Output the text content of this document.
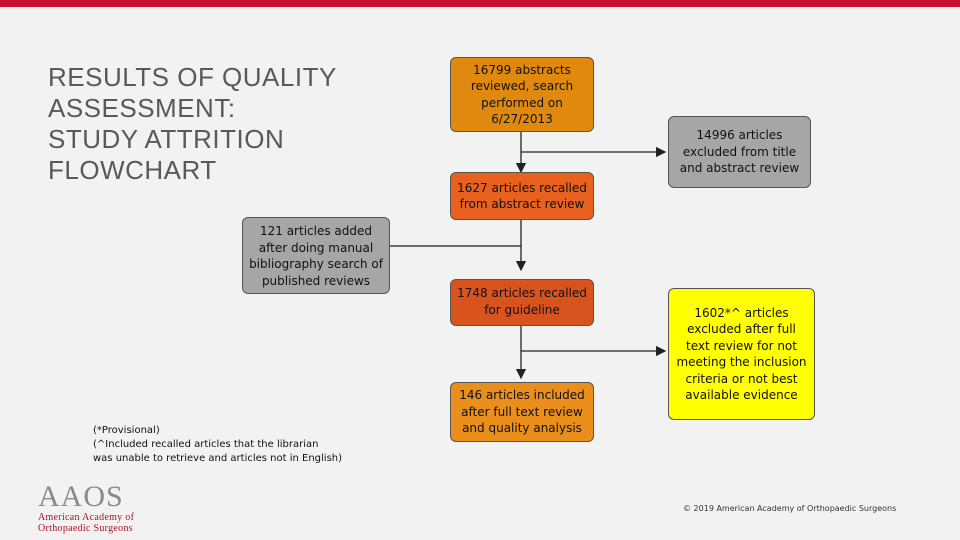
RESULTS OF QUALITY
ASSESSMENT:
STUDY ATTRITION
FLOWCHART
16799 abstracts reviewed, search performed on 6/27/2013
1627 articles recalled from abstract review
121 articles added after doing manual bibliography search of published reviews
1748 articles recalled for guideline
146 articles included after full text review and quality analysis
14996 articles excluded from title and abstract review
1602*^ articles excluded after full text review for not meeting the inclusion criteria or not best available evidence
(*Provisional)
(^Included recalled articles that the librarian
was unable to retrieve and articles not in English)
AAOS
American Academy of
Orthopaedic Surgeons
© 2019 American Academy of Orthopaedic Surgeons
